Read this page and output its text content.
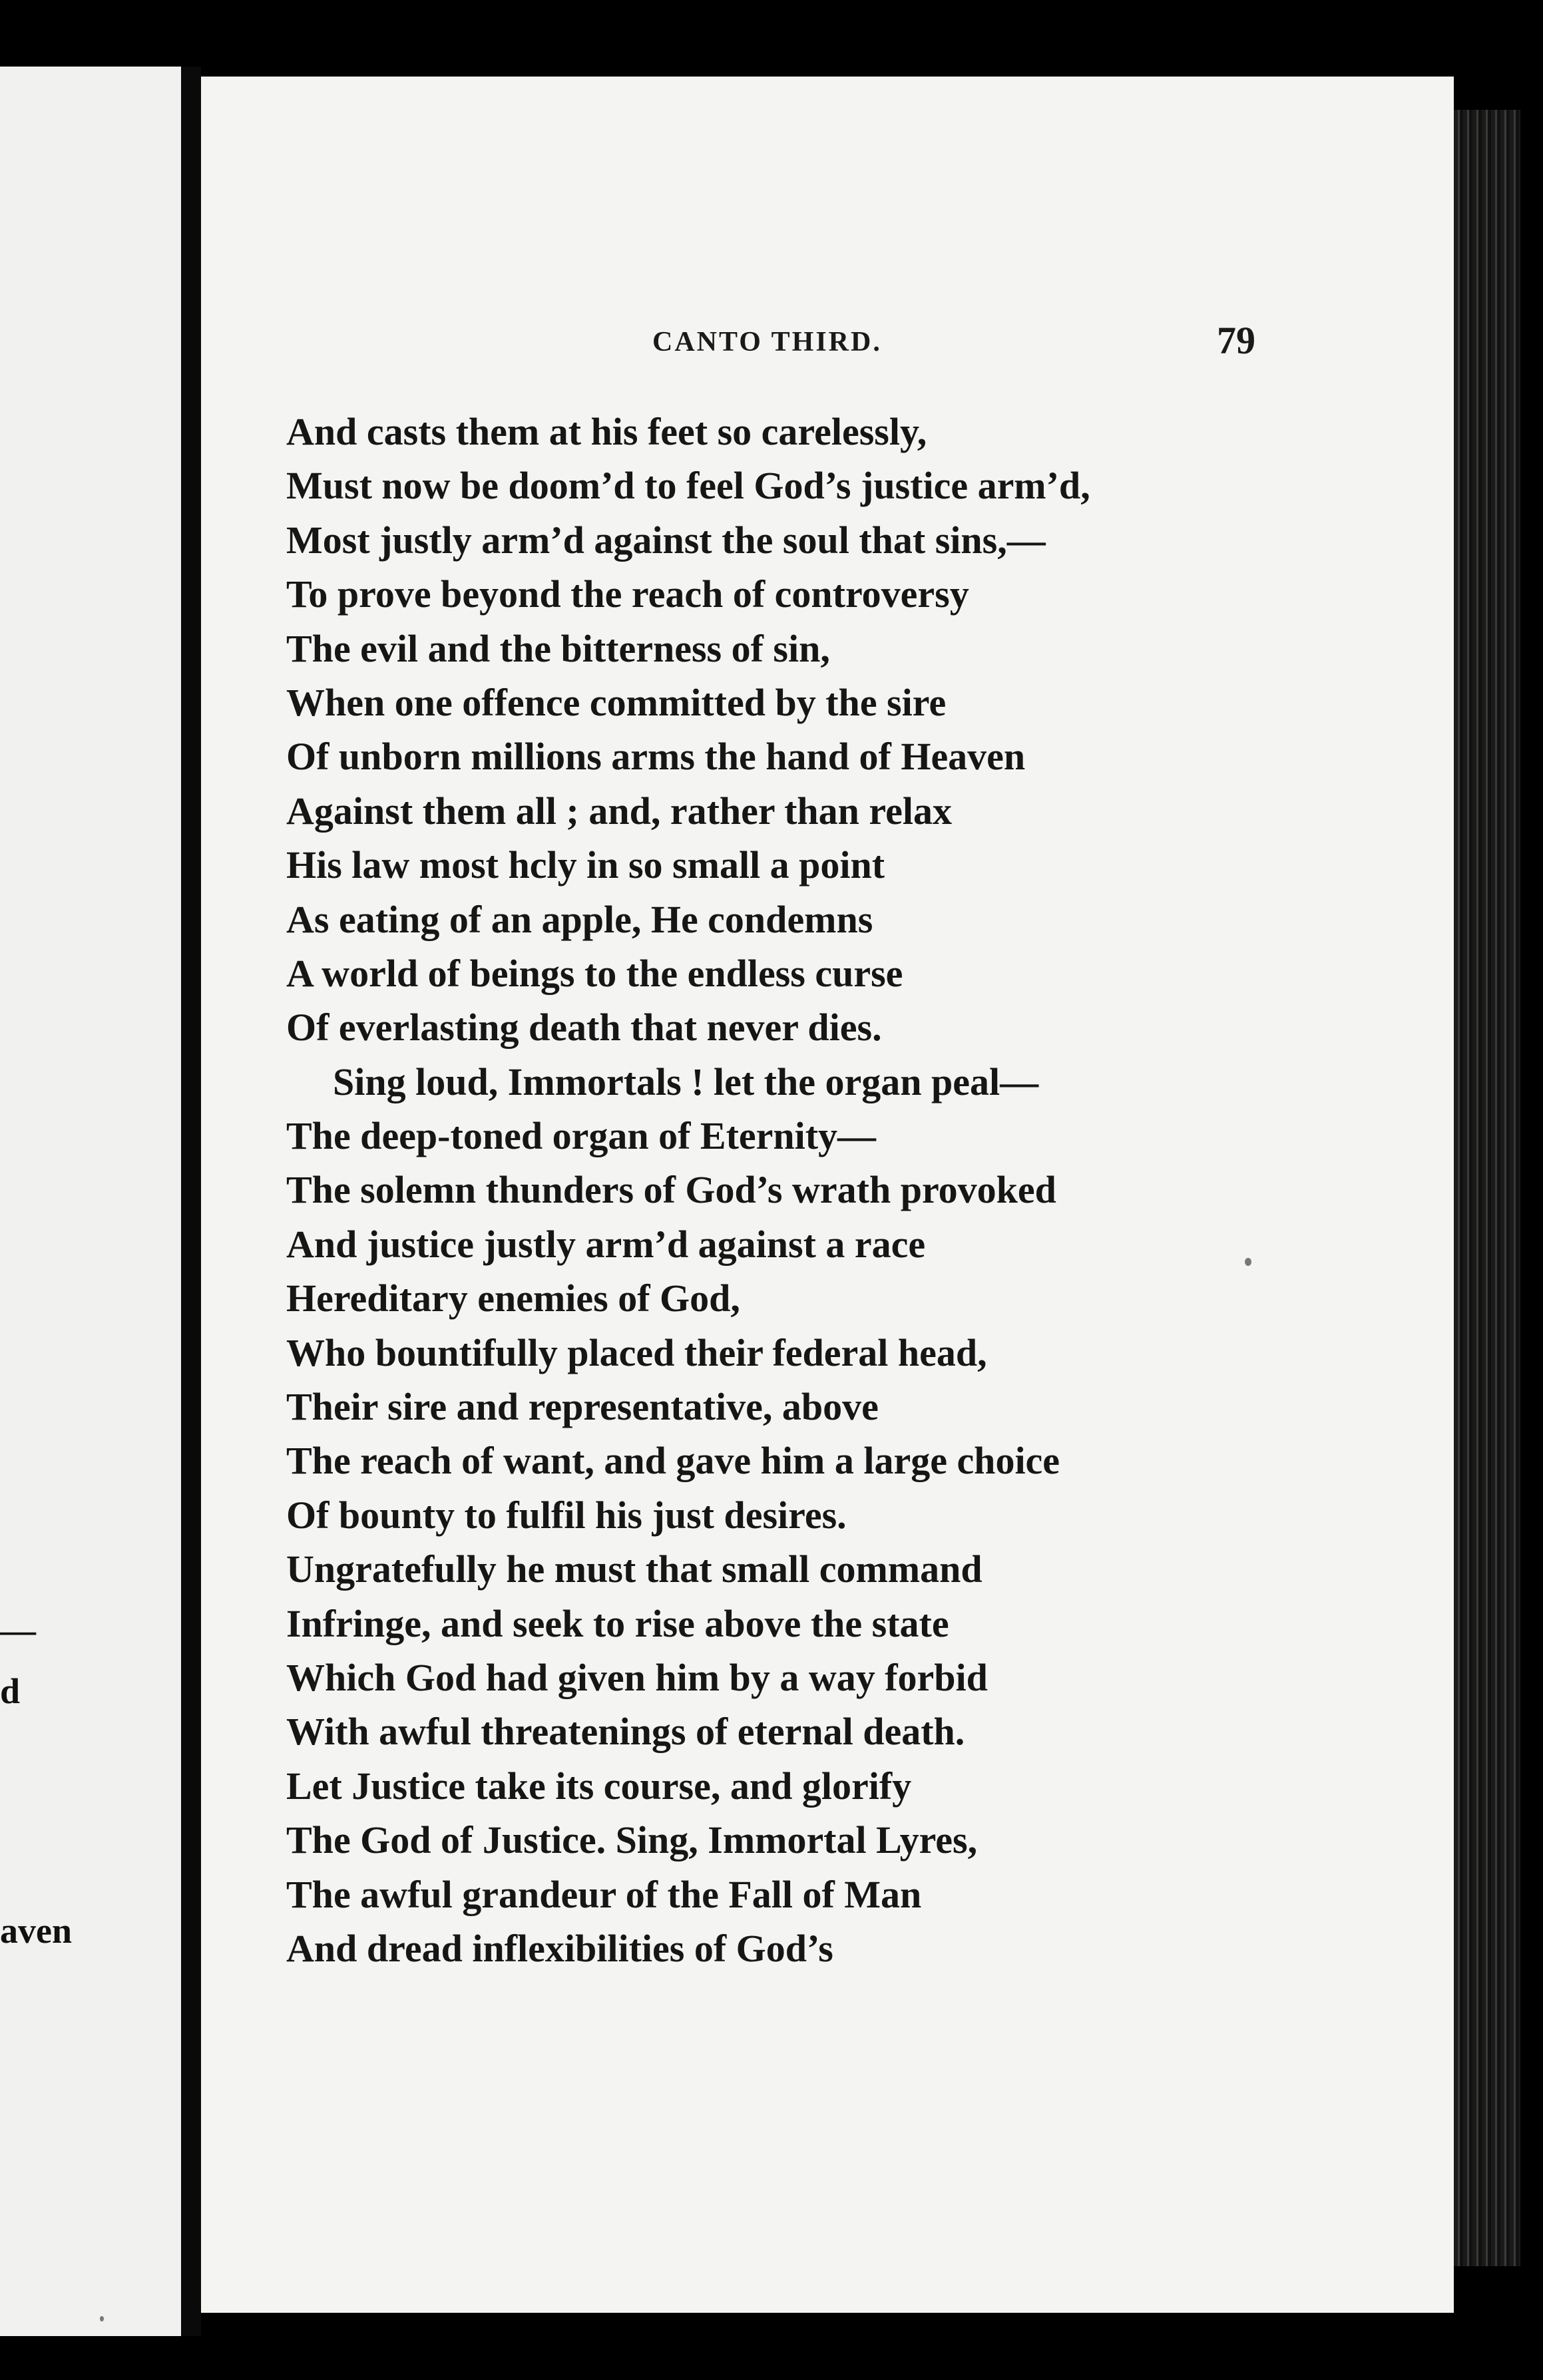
—
d
aven
CANTO THIRD.	79
And casts them at his feet so carelessly,
Must now be doom’d to feel God’s justice arm’d,
Most justly arm’d against the soul that sins,—
To prove beyond the reach of controversy
The evil and the bitterness of sin,
When one offence committed by the sire
Of unborn millions arms the hand of Heaven
Against them all ; and, rather than relax
His law most hcly in so small a point
As eating of an apple, He condemns
A world of beings to the endless curse
Of everlasting death that never dies.
Sing loud, Immortals ! let the organ peal—
The deep-toned organ of Eternity—
The solemn thunders of God’s wrath provoked
And justice justly arm’d against a race
Hereditary enemies of God,
Who bountifully placed their federal head,
Their sire and representative, above
The reach of want, and gave him a large choice
Of bounty to fulfil his just desires.
Ungratefully he must that small command
Infringe, and seek to rise above the state
Which God had given him by a way forbid
With awful threatenings of eternal death.
Let Justice take its course, and glorify
The God of Justice. Sing, Immortal Lyres,
The awful grandeur of the Fall of Man
And dread inflexibilities of God’s
